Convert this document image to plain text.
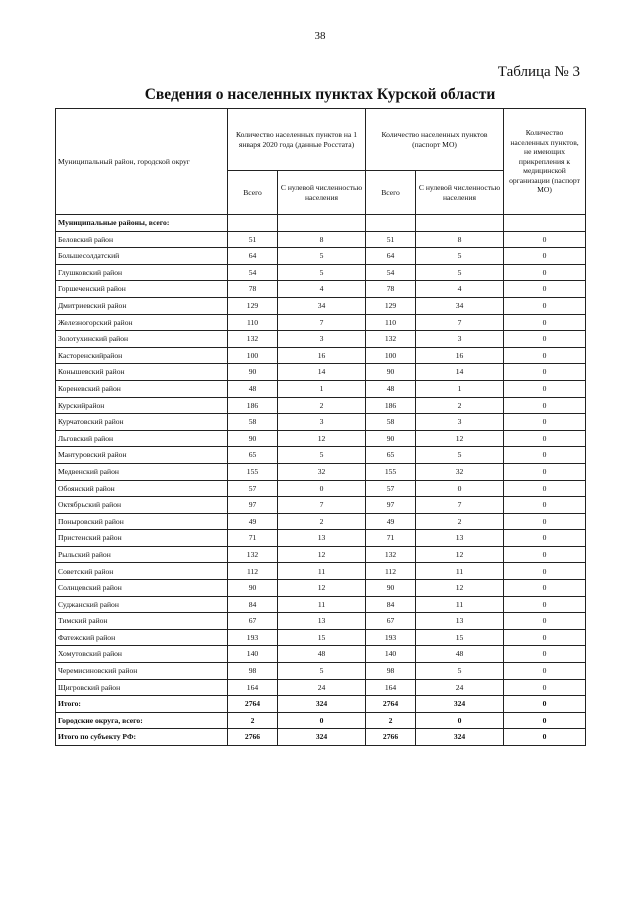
38
Таблица № 3
Сведения о населенных пунктах Курской области
Муниципальный район, городской округ	Количество населенных пунктов на 1 января 2020 года (данные Росстата)		Количество населенных пунктов (паспорт МО)		Количество населенных пунктов, не имеющих прикрепления к медицинской организации (паспорт МО)
	Всего	С нулевой численностью населения	Всего	С нулевой численностью населения	
Муниципальные районы, всего:					
Беловский район	51	8	51	8	0
Большесолдатский	64	5	64	5	0
Глушковский район	54	5	54	5	0
Горшеченский район	78	4	78	4	0
Дмитриевский район	129	34	129	34	0
Железногорский район	110	7	110	7	0
Золотухинский район	132	3	132	3	0
Касторенскийрайон	100	16	100	16	0
Конышевский район	90	14	90	14	0
Кореневский район	48	1	48	1	0
Курскийрайон	186	2	186	2	0
Курчатовский район	58	3	58	3	0
Льговский район	90	12	90	12	0
Мантуровский район	65	5	65	5	0
Медвенский район	155	32	155	32	0
Обоянский район	57	0	57	0	0
Октябрьский район	97	7	97	7	0
Поныровский район	49	2	49	2	0
Пристенский район	71	13	71	13	0
Рыльский район	132	12	132	12	0
Советский район	112	11	112	11	0
Солнцевский район	90	12	90	12	0
Суджанский район	84	11	84	11	0
Тимский район	67	13	67	13	0
Фатежский район	193	15	193	15	0
Хомутовский район	140	48	140	48	0
Черемисиновский район	98	5	98	5	0
Щигровский район	164	24	164	24	0
Итого:	2764	324	2764	324	0
Городские округа, всего:	2	0	2	0	0
Итого по субъекту РФ:	2766	324	2766	324	0
